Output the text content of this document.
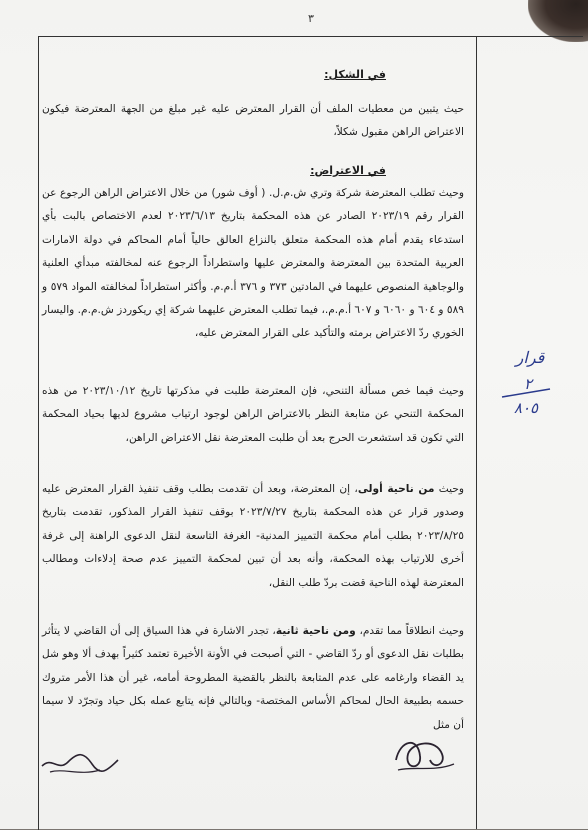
٣
في الشكل:

حيث يتبين من معطيات الملف أن القرار المعترض عليه غير مبلغ من الجهة المعترضة فيكون الاعتراض الراهن مقبول شكلاً،

في الاعتراض:

وحيث تطلب المعترضة شركة وتري ش.م.ل. ( أوف شور) من خلال الاعتراض الراهن الرجوع عن القرار رقم ٢٠٢٣/١٩ الصادر عن هذه المحكمة بتاريخ ٢٠٢٣/٦/١٣ لعدم الاختصاص بالبت بأي استدعاء يقدم أمام هذه المحكمة متعلق بالنزاع العالق حالياً أمام المحاكم في دولة الامارات العربية المتحدة بين المعترضة والمعترض عليها واستطراداً الرجوع عنه لمخالفته مبدأي العلنية والوجاهية المنصوص عليهما في المادتين ٣٧٣ و ٣٧٦ أ.م.م. وأكثر استطراداً لمخالفته المواد ٥٧٩ و ٥٨٩ و ٦٠٤ و ٦٠٦٠ و ٦٠٧ أ.م.م.، فيما تطلب المعترض عليهما شركة إي ريكوردز ش.م.م. واليسار الخوري ردّ الاعتراض برمته والتأكيد على القرار المعترض عليه،

وحيث فيما خص مسألة التنحي، فإن المعترضة طلبت في مذكرتها تاريخ ٢٠٢٣/١٠/١٢ من هذه المحكمة التنحي عن متابعة النظر بالاعتراض الراهن لوجود ارتياب مشروع لديها بحياد المحكمة التي تكون قد استشعرت الحرج بعد أن طلبت المعترضة نقل الاعتراض الراهن،

وحيث من ناحية أولى، إن المعترضة، وبعد أن تقدمت بطلب وقف تنفيذ القرار المعترض عليه وصدور قرار عن هذه المحكمة بتاريخ ٢٠٢٣/٧/٢٧ بوقف تنفيذ القرار المذكور، تقدمت بتاريخ ٢٠٢٣/٨/٢٥ بطلب أمام محكمة التمييز المدنية- الغرفة التاسعة لنقل الدعوى الراهنة إلى غرفة أخرى للارتياب بهذه المحكمة، وأنه بعد أن تبين لمحكمة التمييز عدم صحة إدلاءات ومطالب المعترضة لهذه الناحية قضت بردّ طلب النقل،

وحيث انطلاقاً مما تقدم، ومن ناحية ثانية، تجدر الاشارة في هذا السياق إلى أن القاضي لا يتأثر بطلبات نقل الدعوى أو ردّ القاضي - التي أصبحت في الأونة الأخيرة تعتمد كثيراً بهدف ألا وهو شل يد القضاء وارغامه على عدم المتابعة بالنظر بالقضية المطروحة أمامه، غير أن هذا الأمر متروك حسمه بطبيعة الحال لمحاكم الأساس المختصة- وبالتالي فإنه يتابع عمله بكل حياد وتجرّد لا سيما أن مثل

قرار
٢
٨٠٥
